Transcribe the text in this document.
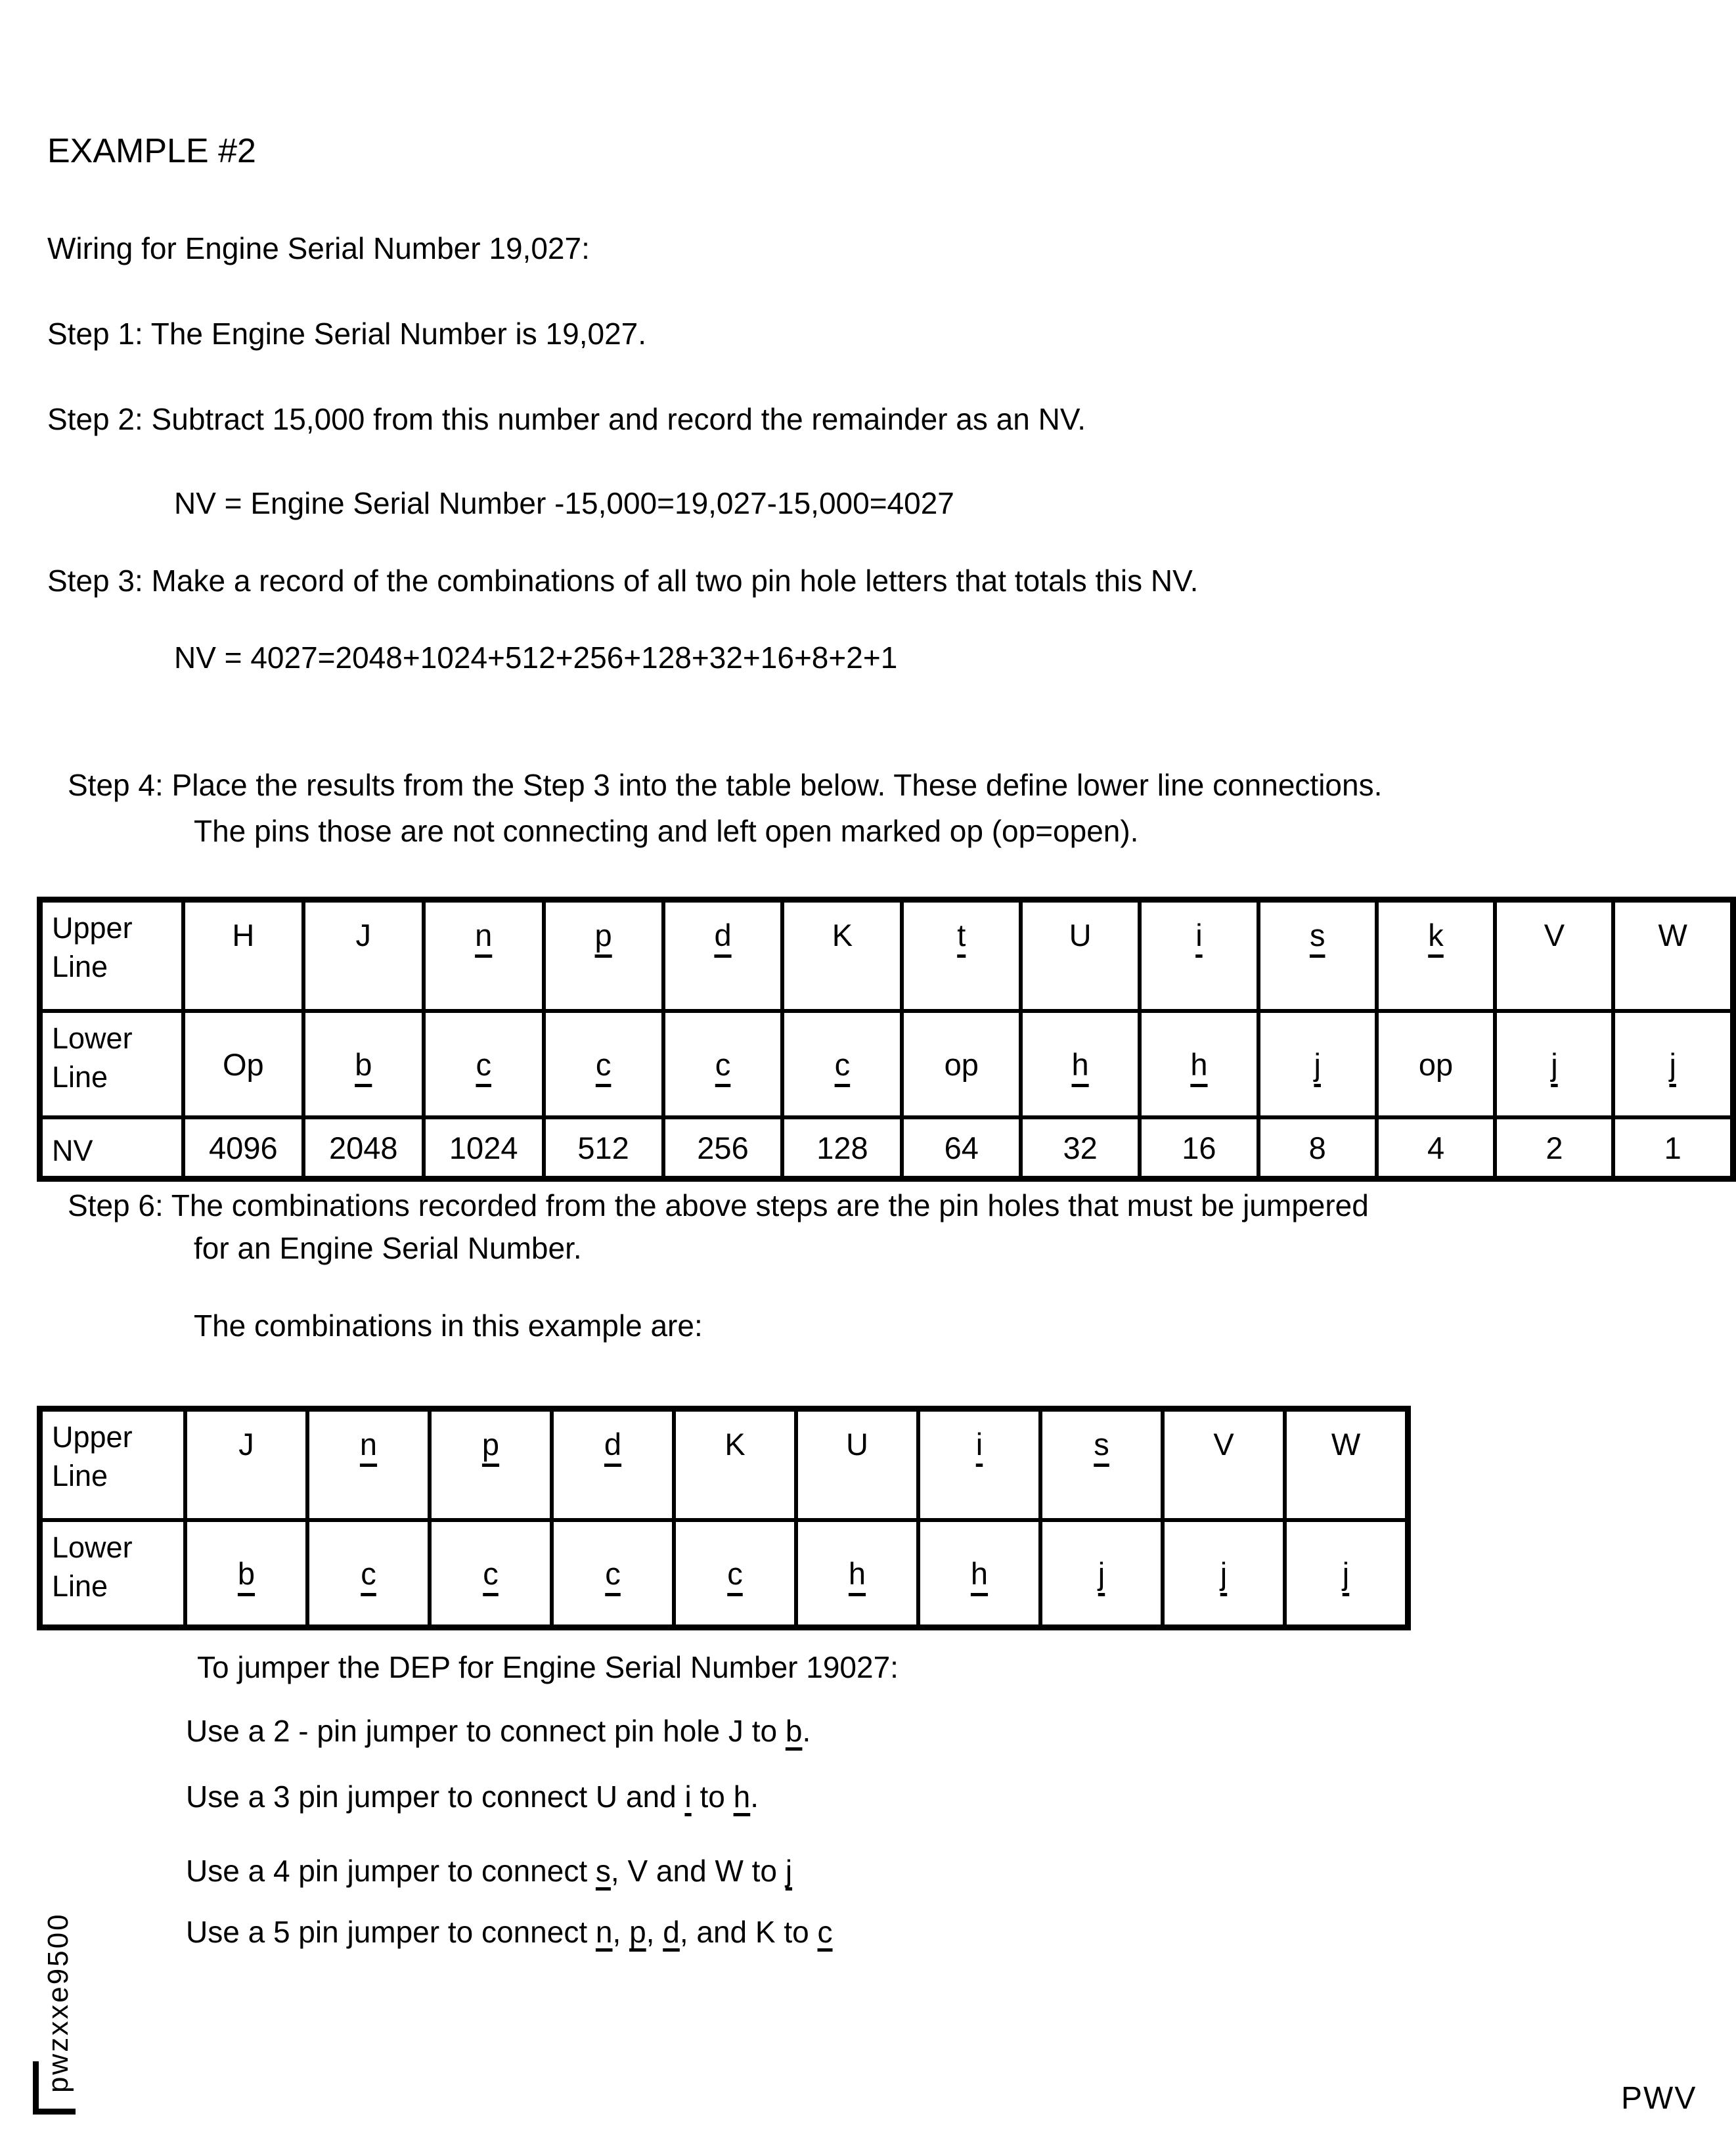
EXAMPLE #2
Wiring for Engine Serial Number 19,027:
Step 1: The Engine Serial Number is 19,027.
Step 2: Subtract 15,000 from this number and record the remainder as an NV.
NV = Engine Serial Number -15,000=19,027-15,000=4027
Step 3: Make a record of the combinations of all two pin hole letters that totals this NV.
NV = 4027=2048+1024+512+256+128+32+16+8+2+1
Step 4: Place the results from the Step 3 into the table below. These define lower line connections.
The pins those are not connecting and left open marked op (op=open).
Upper Line	H	J	n	p	d	K	t	U	i	s	k	V	W
Lower Line	Op	b	c	c	c	c	op	h	h	j	op	j	j
NV	4096	2048	1024	512	256	128	64	32	16	8	4	2	1
Step 6: The combinations recorded from the above steps are the pin holes that must be jumpered
for an Engine Serial Number.
The combinations in this example are:
Upper Line	J	n	p	d	K	U	i	s	V	W
Lower Line	b	c	c	c	c	h	h	j	j	j
To jumper the DEP for Engine Serial Number 19027:
Use a 2 - pin jumper to connect pin hole J to b.
Use a 3 pin jumper to connect U and i to h.
Use a 4 pin jumper to connect s, V and W to j
Use a 5 pin jumper to connect n, p, d, and K to c
pwzxxe9500
PWV
